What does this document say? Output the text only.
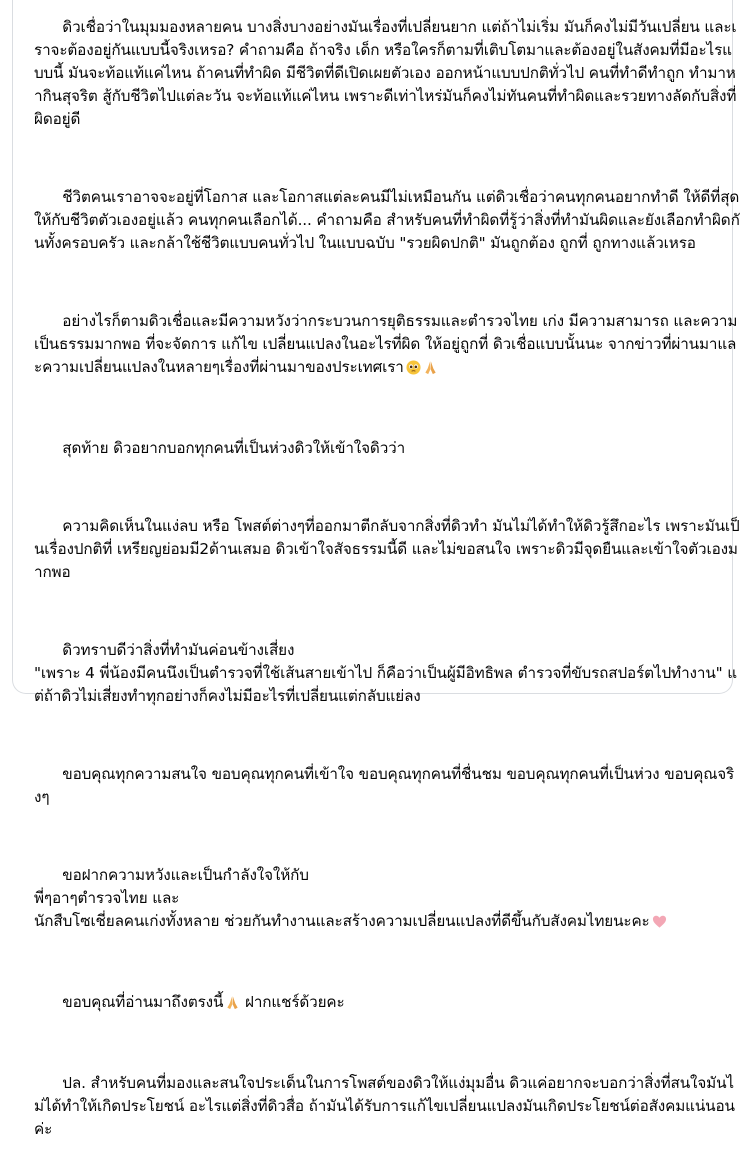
ดิวเชื่อว่าในมุมมองหลายคน บางสิ่งบางอย่างมันเรื่องที่เปลี่ยนยาก แต่ถ้าไม่เริ่ม มันก็คงไม่มีวันเปลี่ยน และเราจะต้องอยู่กันแบบนี้จริงเหรอ? คำถามคือ ถ้าจริง เด็ก หรือใครก็ตามที่เติบโตมาและต้องอยู่ในสังคมที่มีอะไรแบบนี้ มันจะท้อแท้แค่ไหน ถ้าคนที่ทำผิด มีชีวิตที่ดีเปิดเผยตัวเอง ออกหน้าแบบปกติทั่วไป คนที่ทำดีทำถูก ทำมาหากินสุจริต สู้กับชีวิตไปแต่ละวัน จะท้อแท้แค่ไหน เพราะดีเท่าไหร่มันก็คงไม่ทันคนที่ทำผิดและรวยทางลัดกับสิ่งที่ผิดอยู่ดี

ชีวิตคนเราอาจจะอยู่ที่โอกาส และโอกาสแต่ละคนมีไม่เหมือนกัน แต่ดิวเชื่อว่าคนทุกคนอยากทำดี ให้ดีที่สุดให้กับชีวิตตัวเองอยู่แล้ว คนทุกคนเลือกได้... คำถามคือ สำหรับคนที่ทำผิดที่รู้ว่าสิ่งที่ทำมันผิดและยังเลือกทำผิดกันทั้งครอบครัว และกล้าใช้ชีวิตแบบคนทั่วไป ในแบบฉบับ "รวยผิดปกติ" มันถูกต้อง ถูกที่ ถูกทางแล้วเหรอ

อย่างไรก็ตามดิวเชื่อและมีความหวังว่ากระบวนการยุติธรรมและตำรวจไทย เก่ง มีความสามารถ และความเป็นธรรมมากพอ ที่จะจัดการ แก้ไข เปลี่ยนแปลงในอะไรที่ผิด ให้อยู่ถูกที่ ดิวเชื่อแบบนั้นนะ จากข่าวที่ผ่านมาและความเปลี่ยนแปลงในหลายๆเรื่องที่ผ่านมาของประเทศเรา

สุดท้าย ดิวอยากบอกทุกคนที่เป็นห่วงดิวให้เข้าใจดิวว่า

ความคิดเห็นในแง่ลบ หรือ โพสต์ต่างๆที่ออกมาตีกลับจากสิ่งที่ดิวทำ มันไม่ได้ทำให้ดิวรู้สึกอะไร เพราะมันเป็นเรื่องปกติที่ เหรียญย่อมมี2ด้านเสมอ ดิวเข้าใจสัจธรรมนี้ดี และไม่ขอสนใจ เพราะดิวมีจุดยืนและเข้าใจตัวเองมากพอ

ดิวทราบดีว่าสิ่งที่ทำมันค่อนข้างเสี่ยง
"เพราะ 4 พี่น้องมีคนนึงเป็นตำรวจที่ใช้เส้นสายเข้าไป ก็คือว่าเป็นผู้มีอิทธิพล ตำรวจที่ขับรถสปอร์ตไปทำงาน" แต่ถ้าดิวไม่เสี่ยงทำทุกอย่างก็คงไม่มีอะไรที่เปลี่ยนแต่กลับแย่ลง

ขอบคุณทุกความสนใจ ขอบคุณทุกคนที่เข้าใจ ขอบคุณทุกคนที่ชื่นชม ขอบคุณทุกคนที่เป็นห่วง ขอบคุณจริงๆ

ขอฝากความหวังและเป็นกำลังใจให้กับ
พี่ๆอาๆตำรวจไทย และ
นักสืบโซเชี่ยลคนเก่งทั้งหลาย ช่วยกันทำงานและสร้างความเปลี่ยนแปลงที่ดีขึ้นกับสังคมไทยนะคะ

ขอบคุณที่อ่านมาถึงตรงนี้ ฝากแชร์ด้วยคะ

ปล. สำหรับคนที่มองและสนใจประเด็นในการโพสต์ของดิวให้แง่มุมอื่น ดิวแค่อยากจะบอกว่าสิ่งที่สนใจมันไม่ได้ทำให้เกิดประโยชน์ อะไรแต่สิ่งที่ดิวสื่อ ถ้ามันได้รับการแก้ไขเปลี่ยนแปลงมันเกิดประโยชน์ต่อสังคมแน่นอนค่ะ
